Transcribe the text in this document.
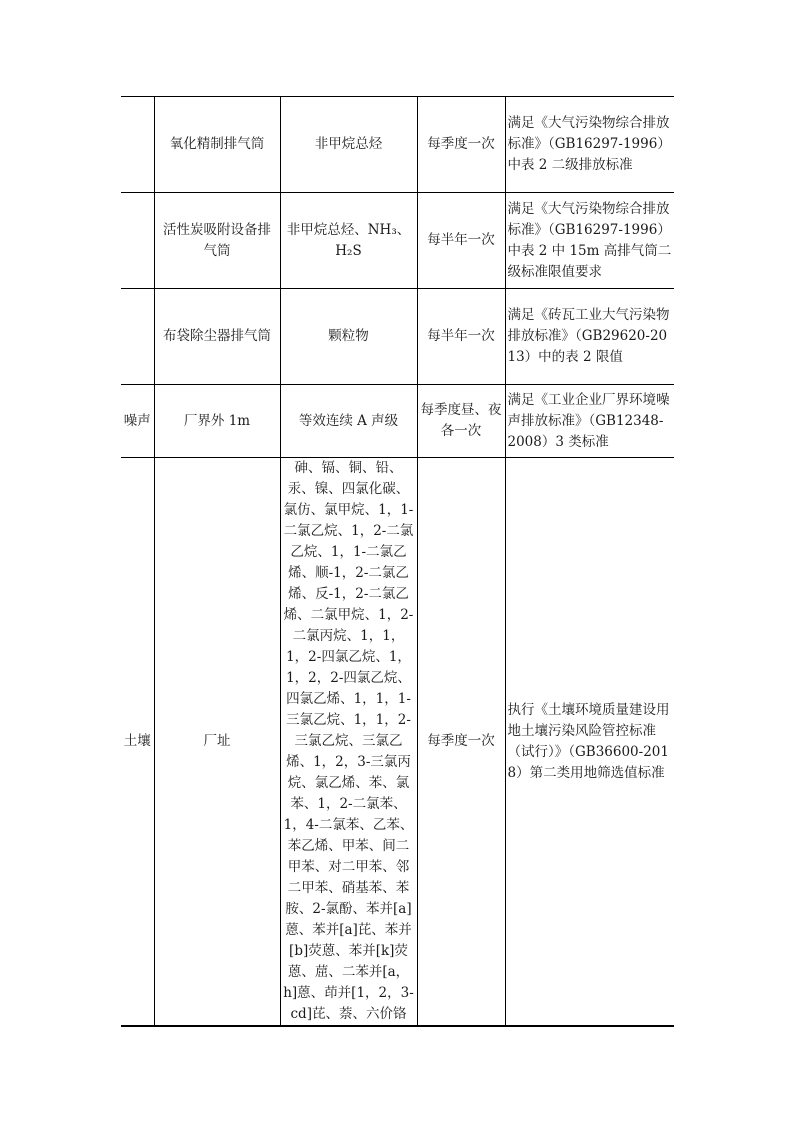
	氧化精制排气筒	非甲烷总烃	每季度一次	满足《大气污染物综合排放标准》（GB16297-1996）中表 2 二级排放标准

	活性炭吸附设备排气筒	非甲烷总烃、NH₃、H₂S	每半年一次	满足《大气污染物综合排放标准》（GB16297-1996）中表 2 中 15m 高排气筒二级标准限值要求

	布袋除尘器排气筒	颗粒物	每半年一次	满足《砖瓦工业大气污染物排放标准》（GB29620-2013）中的表 2 限值

噪声	厂界外 1m	等效连续 A 声级	每季度昼、夜各一次	满足《工业企业厂界环境噪声排放标准》（GB12348-2008）3 类标准

土壤	厂址	砷、镉、铜、铅、汞、镍、四氯化碳、氯仿、氯甲烷、1，1-二氯乙烷、1，2-二氯乙烷、1，1-二氯乙烯、顺-1，2-二氯乙烯、反-1，2-二氯乙烯、二氯甲烷、1，2-二氯丙烷、1，1，1，2-四氯乙烷、1，1，2，2-四氯乙烷、四氯乙烯、1，1，1-三氯乙烷、1，1，2-三氯乙烷、三氯乙烯、1，2，3-三氯丙烷、氯乙烯、苯、氯苯、1，2-二氯苯、1，4-二氯苯、乙苯、苯乙烯、甲苯、间二甲苯、对二甲苯、邻二甲苯、硝基苯、苯胺、2-氯酚、苯并[a]蒽、苯并[a]芘、苯并[b]荧蒽、苯并[k]荧蒽、䓛、二苯并[a，h]蒽、茚并[1，2，3-cd]芘、萘、六价铬	每季度一次	执行《土壤环境质量建设用地土壤污染风险管控标准（试行）》（GB36600-2018）第二类用地筛选值标准
